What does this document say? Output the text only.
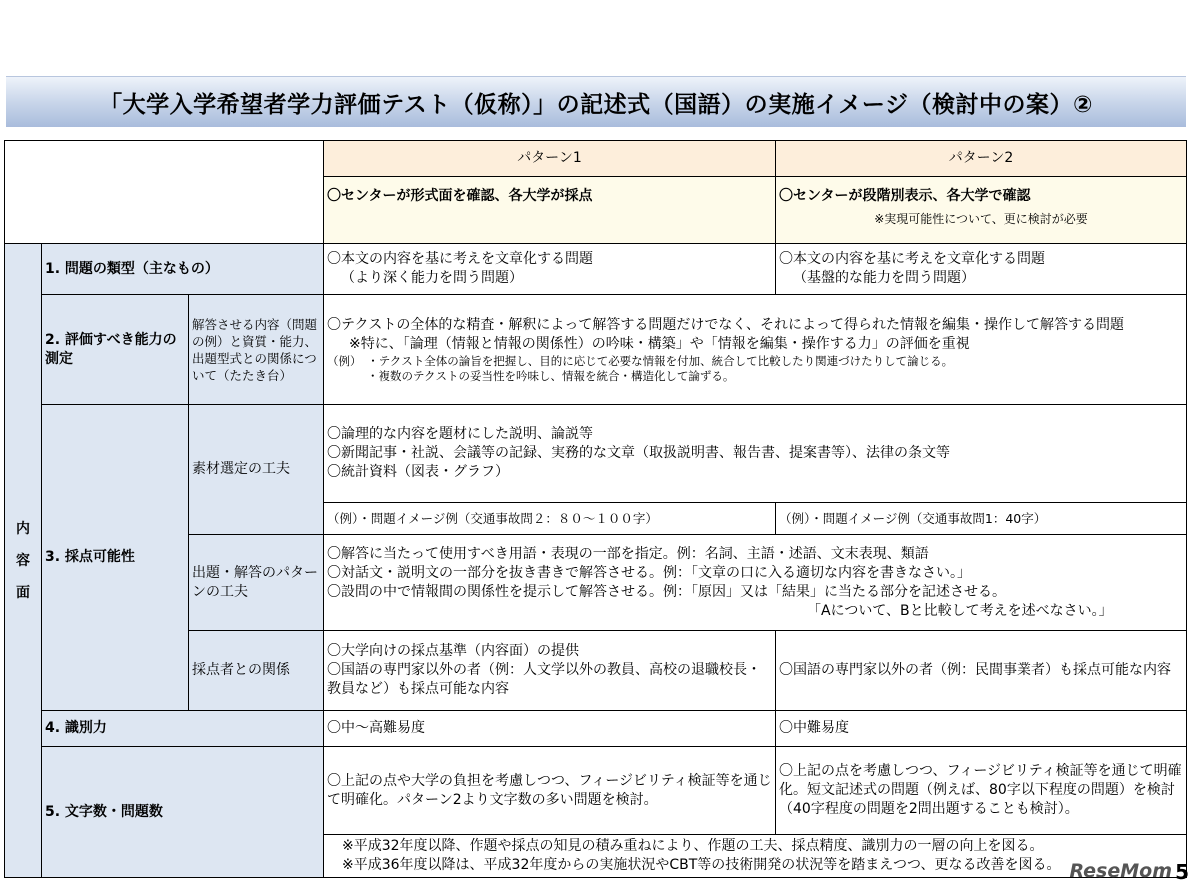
「大学入学希望者学力評価テスト（仮称）」の記述式（国語）の実施イメージ（検討中の案）②
			パターン1	パターン2
			〇センターが形式面を確認、各大学が採点	〇センターが段階別表示、各大学で確認
※実現可能性について、更に検討が必要

内容面	1. 問題の類型（主なもの）		〇本文の内容を基に考えを文章化する問題
（より深く能力を問う問題）	〇本文の内容を基に考えを文章化する問題
（基盤的な能力を問う問題）

	2. 評価すべき能力の測定	解答させる内容（問題の例）と資質・能力、出題型式との関係について（たたき台）	〇テクストの全体的な精査・解釈によって解答する問題だけでなく、それによって得られた情報を編集・操作して解答する問題
※特に、「論理（情報と情報の関係性）の吟味・構築」や「情報を編集・操作する力」の評価を重視
（例）　・テクスト全体の論旨を把握し、目的に応じて必要な情報を付加、統合して比較したり関連づけたりして論じる。
・複数のテクストの妥当性を吟味し、情報を統合・構造化して論ずる。	

	3. 採点可能性	素材選定の工夫	〇論理的な内容を題材にした説明、論説等
〇新聞記事・社説、会議等の記録、実務的な文章（取扱説明書、報告書、提案書等）、法律の条文等
〇統計資料（図表・グラフ）	

			（例）・問題イメージ例（交通事故問２：８０～１００字）	（例）・問題イメージ例（交通事故問1：40字）
		出題・解答のパターンの工夫	〇解答に当たって使用すべき用語・表現の一部を指定。例：名詞、主語・述語、文末表現、類語
〇対話文・説明文の一部分を抜き書きで解答させる。例：「文章の口に入る適切な内容を書きなさい。」
〇設問の中で情報間の関係性を提示して解答させる。例：「原因」又は「結果」に当たる部分を記述させる。
「Aについて、Bと比較して考えを述べなさい。」	

		採点者との関係	〇大学向けの採点基準（内容面）の提供
〇国語の専門家以外の者（例：人文学以外の教員、高校の退職校長・教員など）も採点可能な内容	〇国語の専門家以外の者（例：民間事業者）も採点可能な内容
	4. 識別力		〇中～高難易度	〇中難易度
	5. 文字数・問題数		〇上記の点や大学の負担を考慮しつつ、フィージビリティ検証等を通じて明確化。パターン2より文字数の多い問題を検討。	〇上記の点を考慮しつつ、フィージビリティ検証等を通じて明確化。短文記述式の問題（例えば、80字以下程度の問題）を検討（40字程度の問題を2問出題することも検討）。

			※平成32年度以降、作題や採点の知見の積み重ねにより、作題の工夫、採点精度、識別力の一層の向上を図る。
※平成36年度以降は、平成32年度からの実施状況やCBT等の技術開発の状況等を踏まえつつ、更なる改善を図る。	ReseMom 5
